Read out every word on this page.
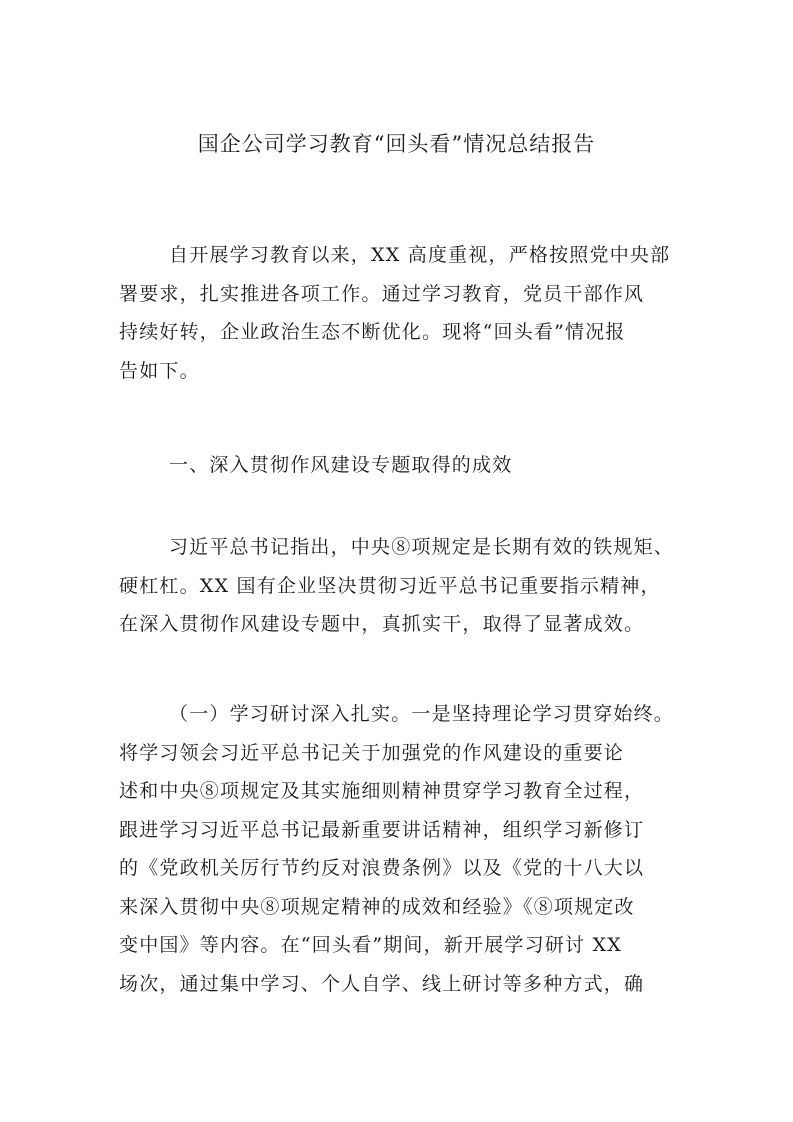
国企公司学习教育“回头看”情况总结报告
自开展学习教育以来，XX 高度重视，严格按照党中央部
署要求，扎实推进各项工作。通过学习教育，党员干部作风
持续好转，企业政治生态不断优化。现将“回头看”情况报
告如下。
一、深入贯彻作风建设专题取得的成效
习近平总书记指出，中央⑧项规定是长期有效的铁规矩、
硬杠杠。XX 国有企业坚决贯彻习近平总书记重要指示精神，
在深入贯彻作风建设专题中，真抓实干，取得了显著成效。
（一）学习研讨深入扎实。一是坚持理论学习贯穿始终。
将学习领会习近平总书记关于加强党的作风建设的重要论
述和中央⑧项规定及其实施细则精神贯穿学习教育全过程，
跟进学习习近平总书记最新重要讲话精神，组织学习新修订
的《党政机关厉行节约反对浪费条例》以及《党的十八大以
来深入贯彻中央⑧项规定精神的成效和经验》《⑧项规定改
变中国》等内容。在“回头看”期间，新开展学习研讨 XX
场次，通过集中学习、个人自学、线上研讨等多种方式，确
